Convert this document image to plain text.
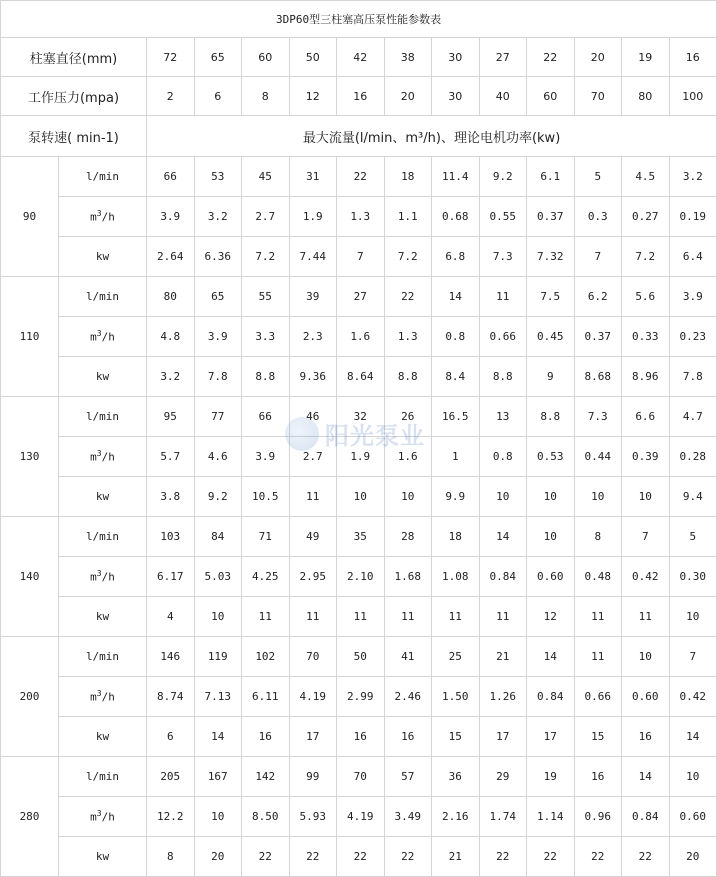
3DP60型三柱塞高压泵性能参数表													
柱塞直径(mm)		72	65	60	50	42	38	30	27	22	20	19	16
工作压力(mpa)		2	6	8	12	16	20	30	40	60	70	80	100
泵转速( min-1)		最大流量(l/min、m³/h)、理论电机功率(kw)											
90	l/min	66	53	45	31	22	18	11.4	9.2	6.1	5	4.5	3.2
	$m^3/h$	3.9	3.2	2.7	1.9	1.3	1.1	0.68	0.55	0.37	0.3	0.27	0.19
	kw	2.64	6.36	7.2	7.44	7	7.2	6.8	7.3	7.32	7	7.2	6.4
110	l/min	80	65	55	39	27	22	14	11	7.5	6.2	5.6	3.9
	$m^3/h$	4.8	3.9	3.3	2.3	1.6	1.3	0.8	0.66	0.45	0.37	0.33	0.23
	kw	3.2	7.8	8.8	9.36	8.64	8.8	8.4	8.8	9	8.68	8.96	7.8
130	l/min	95	77	66	46	32	26	16.5	13	8.8	7.3	6.6	4.7
	$m^3/h$	5.7	4.6	3.9	2.7	1.9	1.6	1	0.8	0.53	0.44	0.39	0.28
	kw	3.8	9.2	10.5	11	10	10	9.9	10	10	10	10	9.4
140	l/min	103	84	71	49	35	28	18	14	10	8	7	5
	$m^3/h$	6.17	5.03	4.25	2.95	2.10	1.68	1.08	0.84	0.60	0.48	0.42	0.30
	kw	4	10	11	11	11	11	11	11	12	11	11	10
200	l/min	146	119	102	70	50	41	25	21	14	11	10	7
	$m^3/h$	8.74	7.13	6.11	4.19	2.99	2.46	1.50	1.26	0.84	0.66	0.60	0.42
	kw	6	14	16	17	16	16	15	17	17	15	16	14
280	l/min	205	167	142	99	70	57	36	29	19	16	14	10
	$m^3/h$	12.2	10	8.50	5.93	4.19	3.49	2.16	1.74	1.14	0.96	0.84	0.60
	kw	8	20	22	22	22	22	21	22	22	22	22	20
阳光泵业
